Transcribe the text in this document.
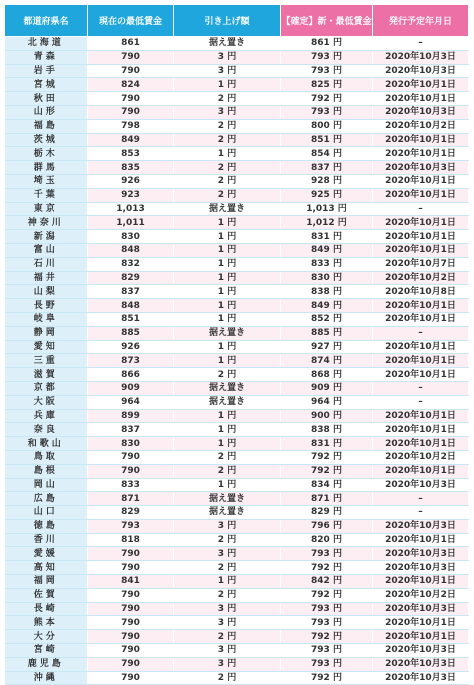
都道府県名	現在の最低賃金	引き上げ額	【確定】新・最低賃金	発行予定年月日
北海道	861	据え置き	861 円	–
青森	790	3 円	793 円	2020年10月3日
岩手	790	3 円	793 円	2020年10月3日
宮城	824	1 円	825 円	2020年10月1日
秋田	790	2 円	792 円	2020年10月1日
山形	790	3 円	793 円	2020年10月3日
福島	798	2 円	800 円	2020年10月2日
茨城	849	2 円	851 円	2020年10月1日
栃木	853	1 円	854 円	2020年10月1日
群馬	835	2 円	837 円	2020年10月3日
埼玉	926	2 円	928 円	2020年10月1日
千葉	923	2 円	925 円	2020年10月1日
東京	1,013	据え置き	1,013 円	–
神奈川	1,011	1 円	1,012 円	2020年10月1日
新潟	830	1 円	831 円	2020年10月1日
富山	848	1 円	849 円	2020年10月1日
石川	832	1 円	833 円	2020年10月7日
福井	829	1 円	830 円	2020年10月2日
山梨	837	1 円	838 円	2020年10月8日
長野	848	1 円	849 円	2020年10月1日
岐阜	851	1 円	852 円	2020年10月1日
静岡	885	据え置き	885 円	–
愛知	926	1 円	927 円	2020年10月1日
三重	873	1 円	874 円	2020年10月1日
滋賀	866	2 円	868 円	2020年10月1日
京都	909	据え置き	909 円	–
大阪	964	据え置き	964 円	–
兵庫	899	1 円	900 円	2020年10月1日
奈良	837	1 円	838 円	2020年10月1日
和歌山	830	1 円	831 円	2020年10月1日
鳥取	790	2 円	792 円	2020年10月2日
島根	790	2 円	792 円	2020年10月1日
岡山	833	1 円	834 円	2020年10月3日
広島	871	据え置き	871 円	–
山口	829	据え置き	829 円	–
徳島	793	3 円	796 円	2020年10月3日
香川	818	2 円	820 円	2020年10月1日
愛媛	790	3 円	793 円	2020年10月3日
高知	790	2 円	792 円	2020年10月3日
福岡	841	1 円	842 円	2020年10月1日
佐賀	790	2 円	792 円	2020年10月2日
長崎	790	3 円	793 円	2020年10月3日
熊本	790	3 円	793 円	2020年10月1日
大分	790	2 円	792 円	2020年10月1日
宮崎	790	3 円	793 円	2020年10月3日
鹿児島	790	3 円	793 円	2020年10月3日
沖縄	790	2 円	792 円	2020年10月3日
